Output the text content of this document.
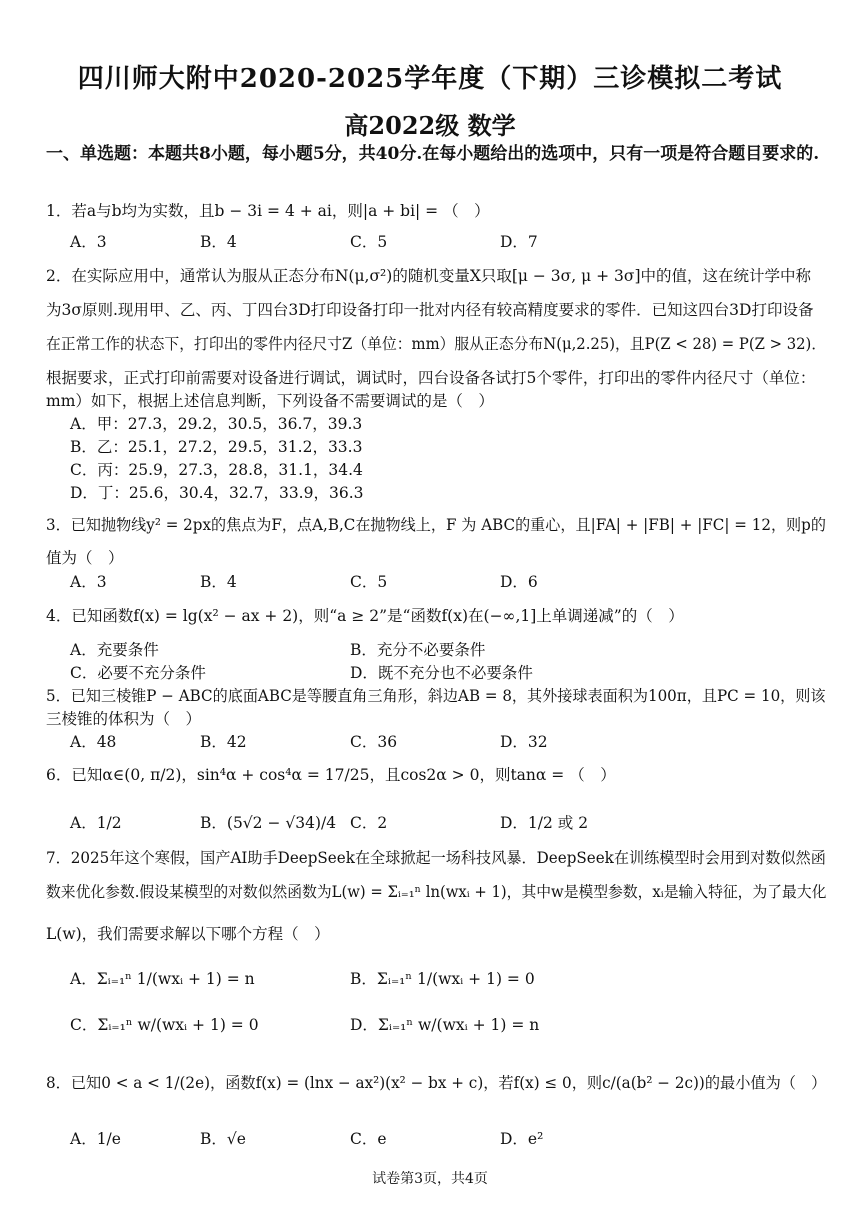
四川师大附中2020-2025学年度（下期）三诊模拟二考试
高2022级 数学
一、单选题：本题共8小题，每小题5分，共40分.在每小题给出的选项中，只有一项是符合题目要求的.
1．若a与b均为实数，且b − 3i = 4 + ai，则|a + bi| = （　）
A．3	B．4	C．5	D．7
2．在实际应用中，通常认为服从正态分布N(μ,σ²)的随机变量X只取[μ − 3σ, μ + 3σ]中的值，这在统计学中称
为3σ原则.现用甲、乙、丙、丁四台3D打印设备打印一批对内径有较高精度要求的零件．已知这四台3D打印设备
在正常工作的状态下，打印出的零件内径尺寸Z（单位：mm）服从正态分布N(μ,2.25)，且P(Z < 28) = P(Z > 32)．
根据要求，正式打印前需要对设备进行调试，调试时，四台设备各试打5个零件，打印出的零件内径尺寸（单位：
mm）如下，根据上述信息判断，下列设备不需要调试的是（　）
A．甲：27.3，29.2，30.5，36.7，39.3
B．乙：25.1，27.2，29.5，31.2，33.3
C．丙：25.9，27.3，28.8，31.1，34.4
D．丁：25.6，30.4，32.7，33.9，36.3
3．已知抛物线y² = 2px的焦点为F，点A,B,C在抛物线上，F 为 ABC的重心，且|FA| + |FB| + |FC| = 12，则p的
值为（　）
A．3	B．4	C．5	D．6
4．已知函数f(x) = lg(x² − ax + 2)，则“a ≥ 2”是“函数f(x)在(−∞,1]上单调递减”的（　）
A．充要条件	B．充分不必要条件
C．必要不充分条件	D．既不充分也不必要条件
5．已知三棱锥P − ABC的底面ABC是等腰直角三角形，斜边AB = 8，其外接球表面积为100π，且PC = 10，则该
三棱锥的体积为（　）
A．48	B．42	C．36	D．32
6．已知α∈(0, π/2)，sin⁴α + cos⁴α = 17/25，且cos2α > 0，则tanα = （　）
A．1/2	B．(5√2 − √34)/4 C．2	D．1/2 或 2
7．2025年这个寒假，国产AI助手DeepSeek在全球掀起一场科技风暴．DeepSeek在训练模型时会用到对数似然函
数来优化参数.假设某模型的对数似然函数为L(w) = Σᵢ₌₁ⁿ ln(wxᵢ + 1)，其中w是模型参数，xᵢ是输入特征，为了最大化
L(w)，我们需要求解以下哪个方程（　）
A．Σᵢ₌₁ⁿ 1/(wxᵢ + 1) = n	B．Σᵢ₌₁ⁿ 1/(wxᵢ + 1) = 0
C．Σᵢ₌₁ⁿ w/(wxᵢ + 1) = 0	D．Σᵢ₌₁ⁿ w/(wxᵢ + 1) = n
8．已知0 < a < 1/(2e)，函数f(x) = (lnx − ax²)(x² − bx + c)，若f(x) ≤ 0，则c/(a(b² − 2c))的最小值为（　）
A．1/e	B．√e	C．e	D．e²
试卷第3页，共4页
